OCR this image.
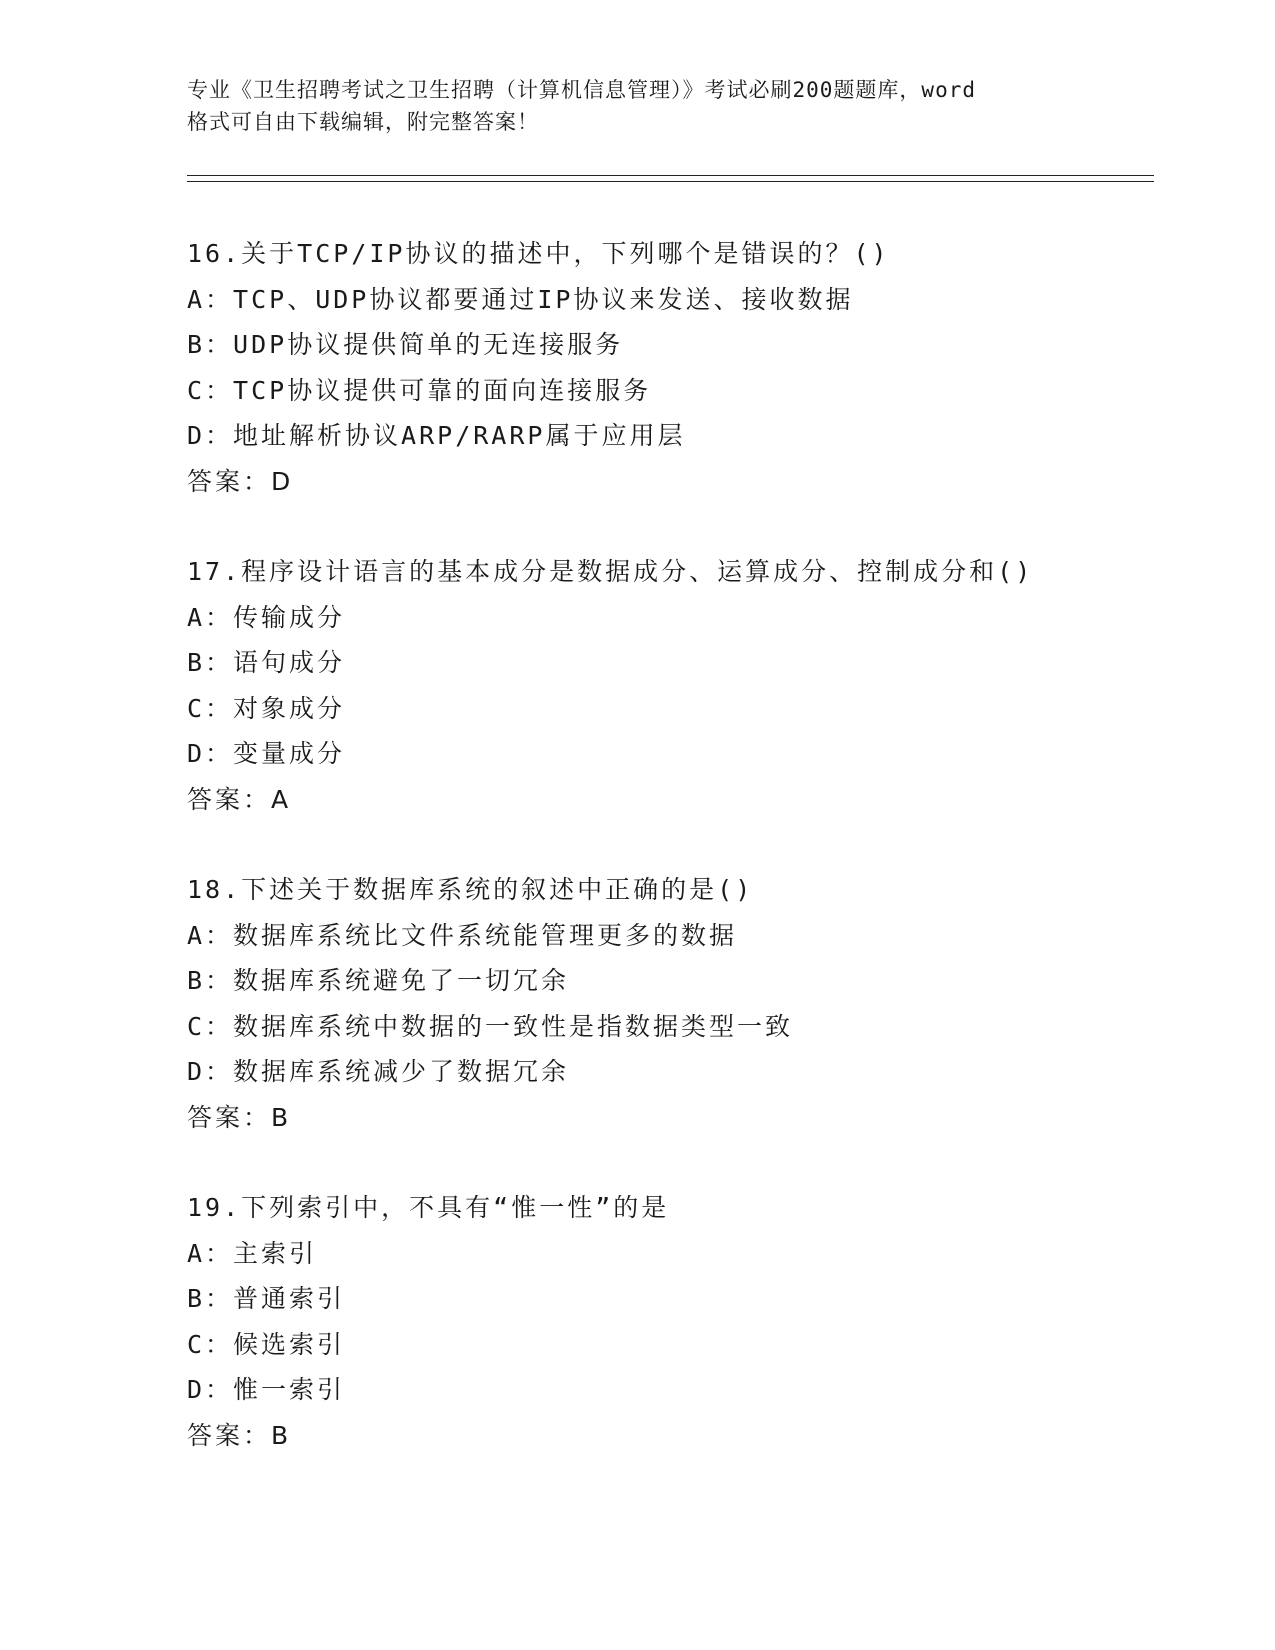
专业《卫生招聘考试之卫生招聘（计算机信息管理）》考试必刷200题题库，word
格式可自由下载编辑，附完整答案！
16.关于TCP/IP协议的描述中，下列哪个是错误的？()
A：TCP、UDP协议都要通过IP协议来发送、接收数据
B：UDP协议提供简单的无连接服务
C：TCP协议提供可靠的面向连接服务
D：地址解析协议ARP/RARP属于应用层
答案：D
17.程序设计语言的基本成分是数据成分、运算成分、控制成分和()
A：传输成分
B：语句成分
C：对象成分
D：变量成分
答案：A
18.下述关于数据库系统的叙述中正确的是()
A：数据库系统比文件系统能管理更多的数据
B：数据库系统避免了一切冗余
C：数据库系统中数据的一致性是指数据类型一致
D：数据库系统减少了数据冗余
答案：B
19.下列索引中，不具有“惟一性”的是
A：主索引
B：普通索引
C：候选索引
D：惟一索引
答案：B
